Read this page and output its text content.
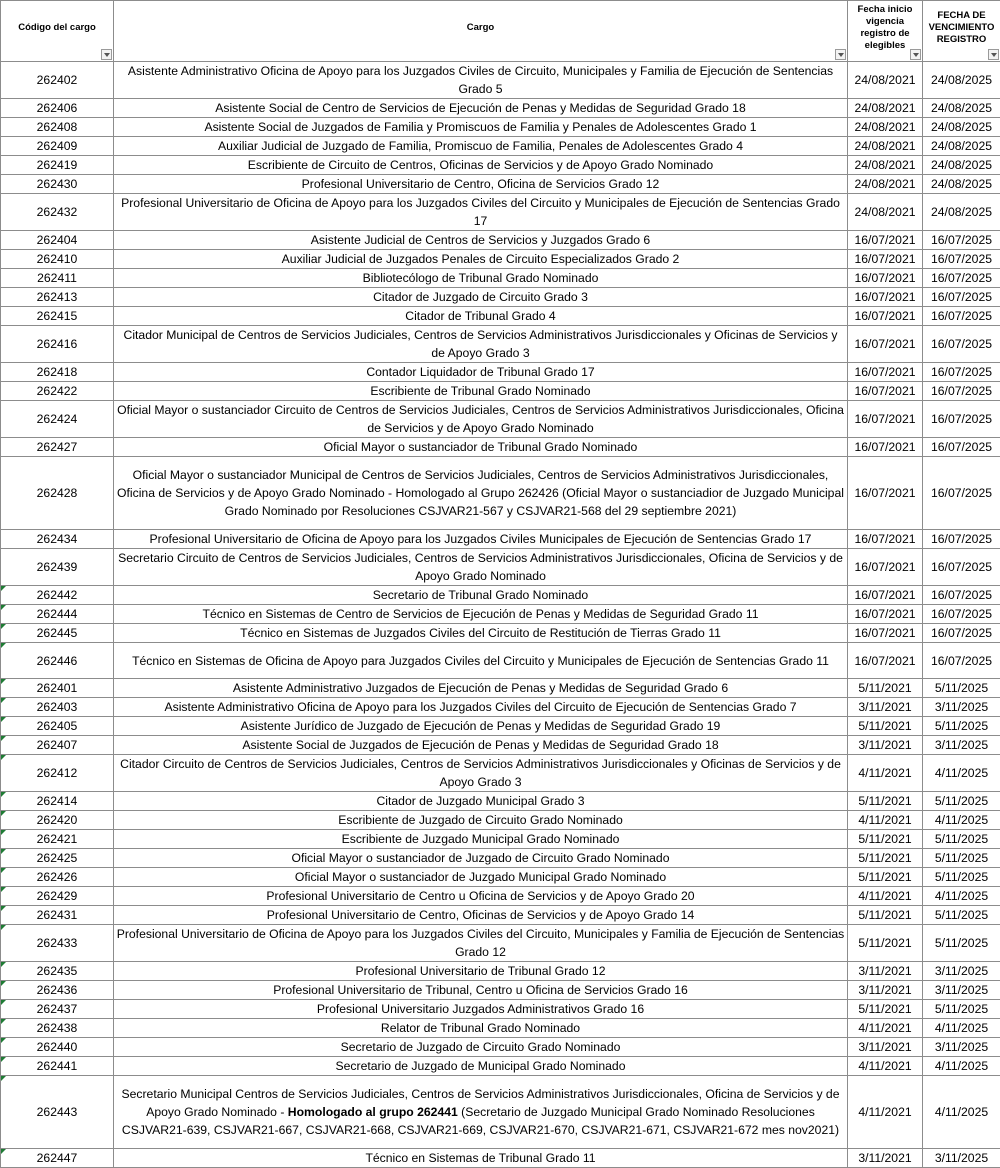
Código del cargo	Cargo	Fecha inicio vigencia registro de elegibles	FECHA DE VENCIMIENTO REGISTRO

262402	Asistente Administrativo Oficina de Apoyo para los Juzgados Civiles de Circuito, Municipales y Familia de Ejecución de Sentencias Grado 5	24/08/2021	24/08/2025
262406	Asistente Social de Centro de Servicios de Ejecución de Penas y Medidas de Seguridad Grado 18	24/08/2021	24/08/2025
262408	Asistente Social de Juzgados de Familia y Promiscuos de Familia y Penales de Adolescentes Grado 1	24/08/2021	24/08/2025
262409	Auxiliar Judicial de Juzgado de Familia, Promiscuo de Familia, Penales de Adolescentes Grado 4	24/08/2021	24/08/2025
262419	Escribiente de Circuito de Centros, Oficinas de Servicios y de Apoyo Grado Nominado	24/08/2021	24/08/2025
262430	Profesional Universitario de Centro, Oficina de Servicios Grado 12	24/08/2021	24/08/2025
262432	Profesional Universitario de Oficina de Apoyo para los Juzgados Civiles del Circuito y Municipales de Ejecución de Sentencias Grado 17	24/08/2021	24/08/2025
262404	Asistente Judicial de Centros de Servicios y Juzgados Grado 6	16/07/2021	16/07/2025
262410	Auxiliar Judicial de Juzgados Penales de Circuito Especializados Grado 2	16/07/2021	16/07/2025
262411	Bibliotecólogo de Tribunal Grado Nominado	16/07/2021	16/07/2025
262413	Citador de Juzgado de Circuito Grado 3	16/07/2021	16/07/2025
262415	Citador de Tribunal Grado 4	16/07/2021	16/07/2025
262416	Citador Municipal de Centros de Servicios Judiciales, Centros de Servicios Administrativos Jurisdiccionales y Oficinas de Servicios y de Apoyo Grado 3	16/07/2021	16/07/2025
262418	Contador Liquidador de Tribunal Grado 17	16/07/2021	16/07/2025
262422	Escribiente de Tribunal Grado Nominado	16/07/2021	16/07/2025
262424	Oficial Mayor o sustanciador Circuito de Centros de Servicios Judiciales, Centros de Servicios Administrativos Jurisdiccionales, Oficina de Servicios y de Apoyo Grado Nominado	16/07/2021	16/07/2025
262427	Oficial Mayor o sustanciador de Tribunal Grado Nominado	16/07/2021	16/07/2025
262428	Oficial Mayor o sustanciador Municipal de Centros de Servicios Judiciales, Centros de Servicios Administrativos Jurisdiccionales, Oficina de Servicios y de Apoyo Grado Nominado - Homologado al Grupo 262426 (Oficial Mayor o sustanciadior de Juzgado Municipal Grado Nominado por Resoluciones CSJVAR21-567 y CSJVAR21-568 del 29 septiembre 2021)	16/07/2021	16/07/2025
262434	Profesional Universitario de Oficina de Apoyo para los Juzgados Civiles Municipales de Ejecución de Sentencias Grado 17	16/07/2021	16/07/2025
262439	Secretario Circuito de Centros de Servicios Judiciales, Centros de Servicios Administrativos Jurisdiccionales, Oficina de Servicios y de Apoyo Grado Nominado	16/07/2021	16/07/2025

262442	Secretario de Tribunal Grado Nominado	16/07/2021	16/07/2025

262444	Técnico en Sistemas de Centro de Servicios de Ejecución de Penas y Medidas de Seguridad Grado 11	16/07/2021	16/07/2025

262445	Técnico en Sistemas de Juzgados Civiles del Circuito de Restitución de Tierras Grado 11	16/07/2021	16/07/2025

262446	Técnico en Sistemas de Oficina de Apoyo para Juzgados Civiles del Circuito y Municipales de Ejecución de Sentencias Grado 11	16/07/2021	16/07/2025

262401	Asistente Administrativo Juzgados de Ejecución de Penas y Medidas de Seguridad Grado 6	5/11/2021	5/11/2025

262403	Asistente Administrativo Oficina de Apoyo para los Juzgados Civiles del Circuito de Ejecución de Sentencias Grado 7	3/11/2021	3/11/2025

262405	Asistente Jurídico de Juzgado de Ejecución de Penas y Medidas de Seguridad Grado 19	5/11/2021	5/11/2025

262407	Asistente Social de Juzgados de Ejecución de Penas y Medidas de Seguridad Grado 18	3/11/2021	3/11/2025

262412	Citador Circuito de Centros de Servicios Judiciales, Centros de Servicios Administrativos Jurisdiccionales y Oficinas de Servicios y de Apoyo Grado 3	4/11/2021	4/11/2025

262414	Citador de Juzgado Municipal Grado 3	5/11/2021	5/11/2025

262420	Escribiente de Juzgado de Circuito Grado Nominado	4/11/2021	4/11/2025

262421	Escribiente de Juzgado Municipal Grado Nominado	5/11/2021	5/11/2025

262425	Oficial Mayor o sustanciador de Juzgado de Circuito Grado Nominado	5/11/2021	5/11/2025

262426	Oficial Mayor o sustanciador de Juzgado Municipal Grado Nominado	5/11/2021	5/11/2025

262429	Profesional Universitario de Centro u Oficina de Servicios y de Apoyo Grado 20	4/11/2021	4/11/2025

262431	Profesional Universitario de Centro, Oficinas de Servicios y de Apoyo Grado 14	5/11/2021	5/11/2025

262433	Profesional Universitario de Oficina de Apoyo para los Juzgados Civiles del Circuito, Municipales y Familia de Ejecución de Sentencias Grado 12	5/11/2021	5/11/2025

262435	Profesional Universitario de Tribunal Grado 12	3/11/2021	3/11/2025

262436	Profesional Universitario de Tribunal, Centro u Oficina de Servicios Grado 16	3/11/2021	3/11/2025

262437	Profesional Universitario Juzgados Administrativos Grado 16	5/11/2021	5/11/2025

262438	Relator de Tribunal Grado Nominado	4/11/2021	4/11/2025

262440	Secretario de Juzgado de Circuito Grado Nominado	3/11/2021	3/11/2025

262441	Secretario de Juzgado de Municipal Grado Nominado	4/11/2021	4/11/2025

262443	Secretario Municipal Centros de Servicios Judiciales, Centros de Servicios Administrativos Jurisdiccionales, Oficina de Servicios y de Apoyo Grado Nominado - Homologado al grupo 262441 (Secretario de Juzgado Municipal Grado Nominado Resoluciones CSJVAR21-639, CSJVAR21-667, CSJVAR21-668, CSJVAR21-669, CSJVAR21-670, CSJVAR21-671, CSJVAR21-672 mes nov2021)	4/11/2021	4/11/2025

262447	Técnico en Sistemas de Tribunal Grado 11	3/11/2021	3/11/2025
